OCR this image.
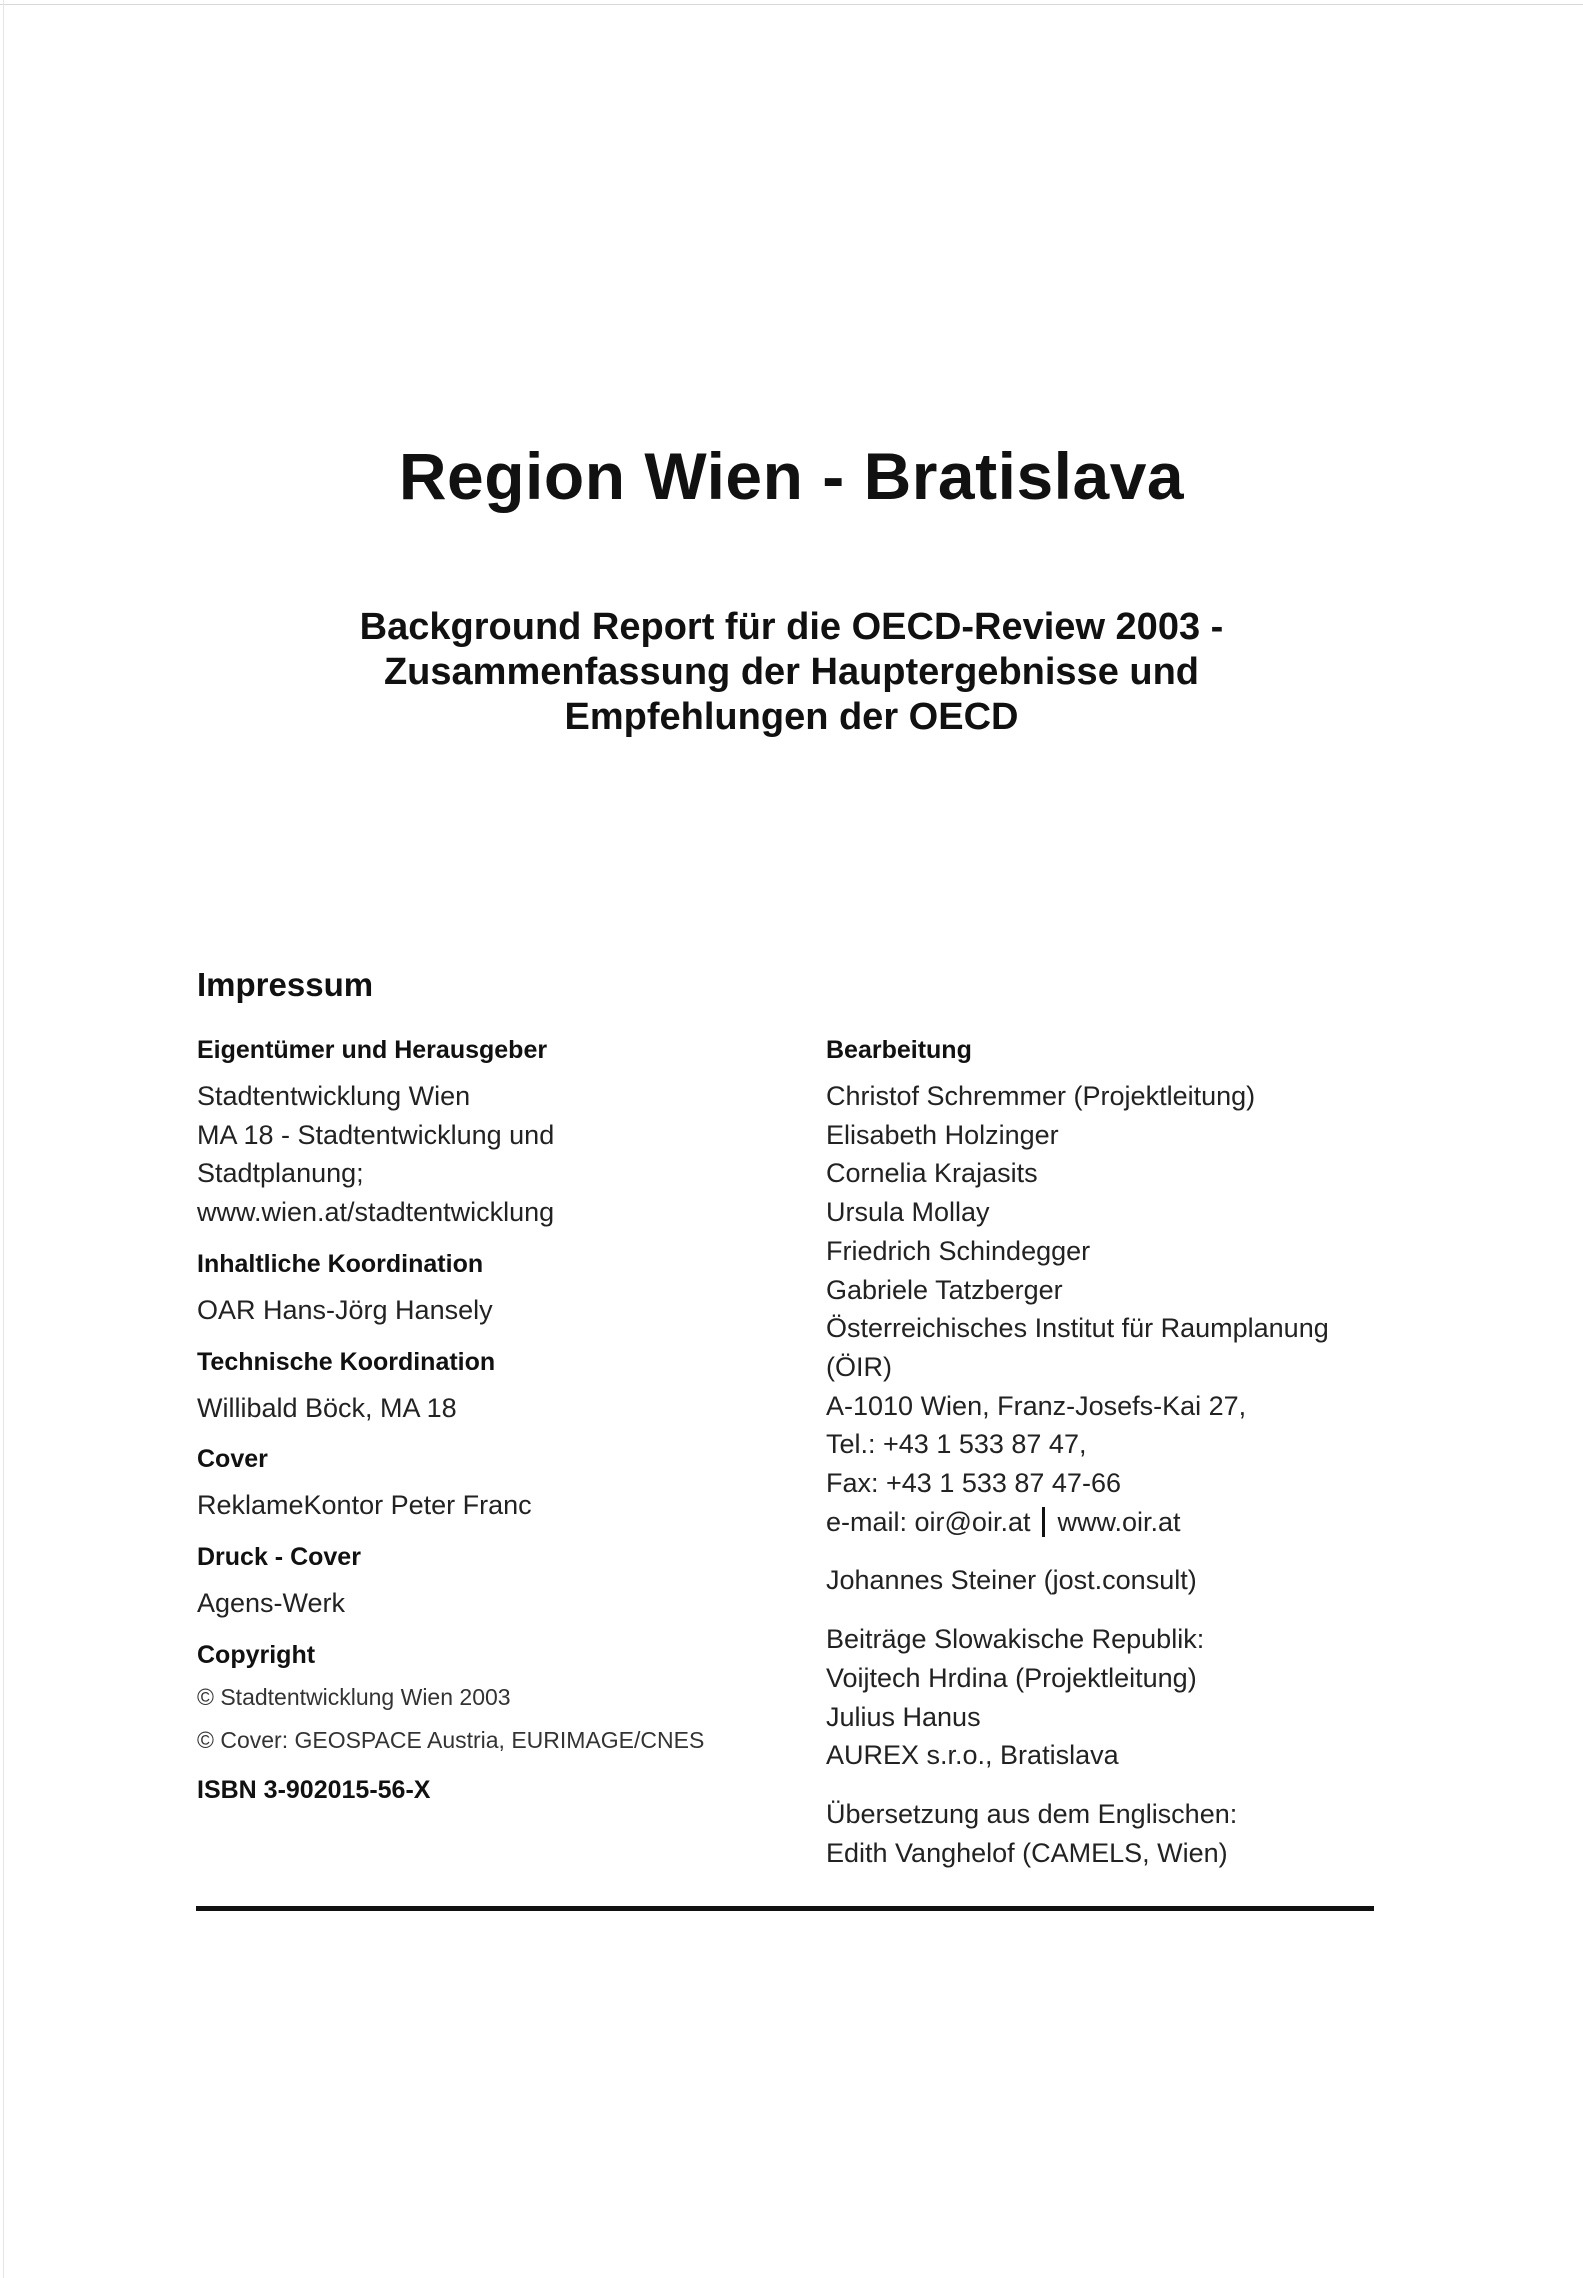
Region Wien - Bratislava
Background Report für die OECD-Review 2003 -
Zusammenfassung der Hauptergebnisse und
Empfehlungen der OECD
Impressum

Eigentümer und Herausgeber

Stadtentwicklung Wien
MA 18 - Stadtentwicklung und
Stadtplanung;
www.wien.at/stadtentwicklung

Inhaltliche Koordination

OAR Hans-Jörg Hansely

Technische Koordination

Willibald Böck, MA 18

Cover

ReklameKontor Peter Franc

Druck - Cover

Agens-Werk

Copyright

© Stadtentwicklung Wien 2003
© Cover: GEOSPACE Austria, EURIMAGE/CNES

ISBN 3-902015-56-X

Bearbeitung

Christof Schremmer (Projektleitung)
Elisabeth Holzinger
Cornelia Krajasits
Ursula Mollay
Friedrich Schindegger
Gabriele Tatzberger
Österreichisches Institut für Raumplanung
(ÖIR)
A-1010 Wien, Franz-Josefs-Kai 27,
Tel.: +43 1 533 87 47,
Fax: +43 1 533 87 47-66
e-mail: oir@oir.at www.oir.at
Johannes Steiner (jost.consult)
Beiträge Slowakische Republik:
Voijtech Hrdina (Projektleitung)
Julius Hanus
AUREX s.r.o., Bratislava
Übersetzung aus dem Englischen:
Edith Vanghelof (CAMELS, Wien)
